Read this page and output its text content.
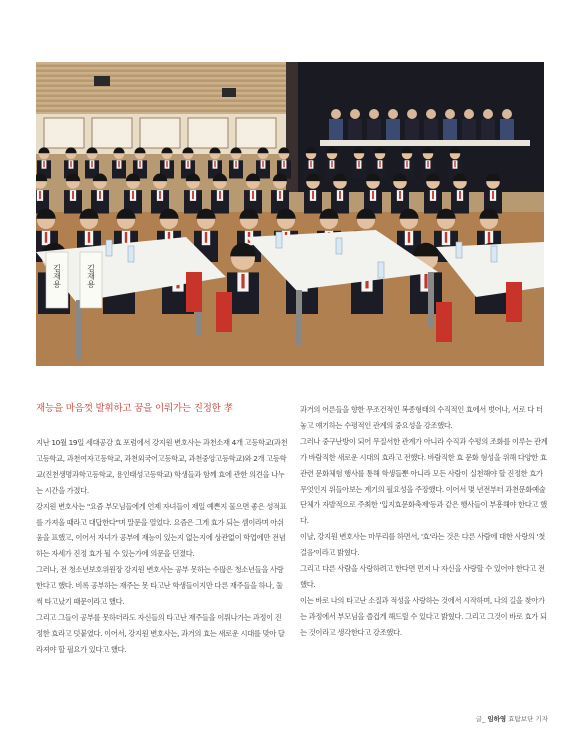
김재용	김재용
재능을 마음껏 발휘하고 꿈을 이뤄가는 진정한 孝

지난 10월 19일 세대공감 효 포럼에서 강지원 변호사는 과천소재 4개 고등학교(과천고등학교, 과천여자고등학교, 과천외국어고등학교, 과천중앙고등학교)와 2개 고등학교(진천생명과학고등학교, 용인태성고등학교) 학생들과 함께 효에 관한 의견을 나누는 시간을 가졌다.

강지원 변호사는 "요즘 부모님들에게 언제 자녀들이 제일 예쁜지 물으면 좋은 성적표를 가져올 때라고 대답한다"며 말문을 열었다. 요즘은 그게 효가 되는 셈이라며 아쉬움을 표했고, 이어서 자녀가 공부에 재능이 있는지 없는지에 상관없이 학업에만 전념하는 자세가 진정 효가 될 수 있는가에 의문을 던졌다.

그러나, 전 청소년보호위원장 강지원 변호사는 공부 못하는 수많은 청소년들을 사랑한다고 했다. 비록 공부하는 재주는 못 타고난 학생들이지만 다른 재주들을 하나, 둘씩 타고났기 때문이라고 했다.

그리고 그들이 공부를 못하더라도 자신들의 타고난 재주들을 이뤄나가는 과정이 진정한 효라고 덧붙였다. 이어서, 강지원 변호사는, 과거의 효는 새로운 시대를 맞아 달라져야 할 필요가 있다고 했다.

과거의 어른들을 향한 무조건적인 복종형태의 수직적인 효에서 벗어나, 서로 다 터놓고 얘기하는 수평적인 관계의 중요성을 강조했다.

그러나 중구난방이 되어 무질서한 관계가 아니라 수직과 수평의 조화를 이루는 관계가 바람직한 새로운 시대의 효라고 전했다. 바람직한 효 문화 형성을 위해 다양한 효 관련 문화체험 행사를 통해 학생들뿐 아니라 모든 사람이 실천해야 할 진정한 효가 무엇인지 위들아보는 계기의 필요성을 주장했다. 이어서 몇 년전부터 과천문화예술단체가 자발적으로 주최한 '입지효문화축제'등과 같은 행사들이 부흥해야 한다고 했다.

이날, 강지원 변호사는 마무리를 하면서, '효'라는 것은 다른 사람에 대한 사랑의 '첫걸음'이라고 밝혔다.

그리고 다른 사람을 사랑하려고 한다면 먼저 나 자신을 사랑할 수 있어야 한다고 전했다.

이는 바로 나의 타고난 소질과 적성을 사랑하는 것에서 시작하며, 나의 길을 찾아가는 과정에서 부모님을 즐겁게 해드릴 수 있다고 밝혔다. 그리고 그것이 바로 효가 되는 것이라고 생각한다고 강조했다.

글_ 임하영 효탐보단 기자
